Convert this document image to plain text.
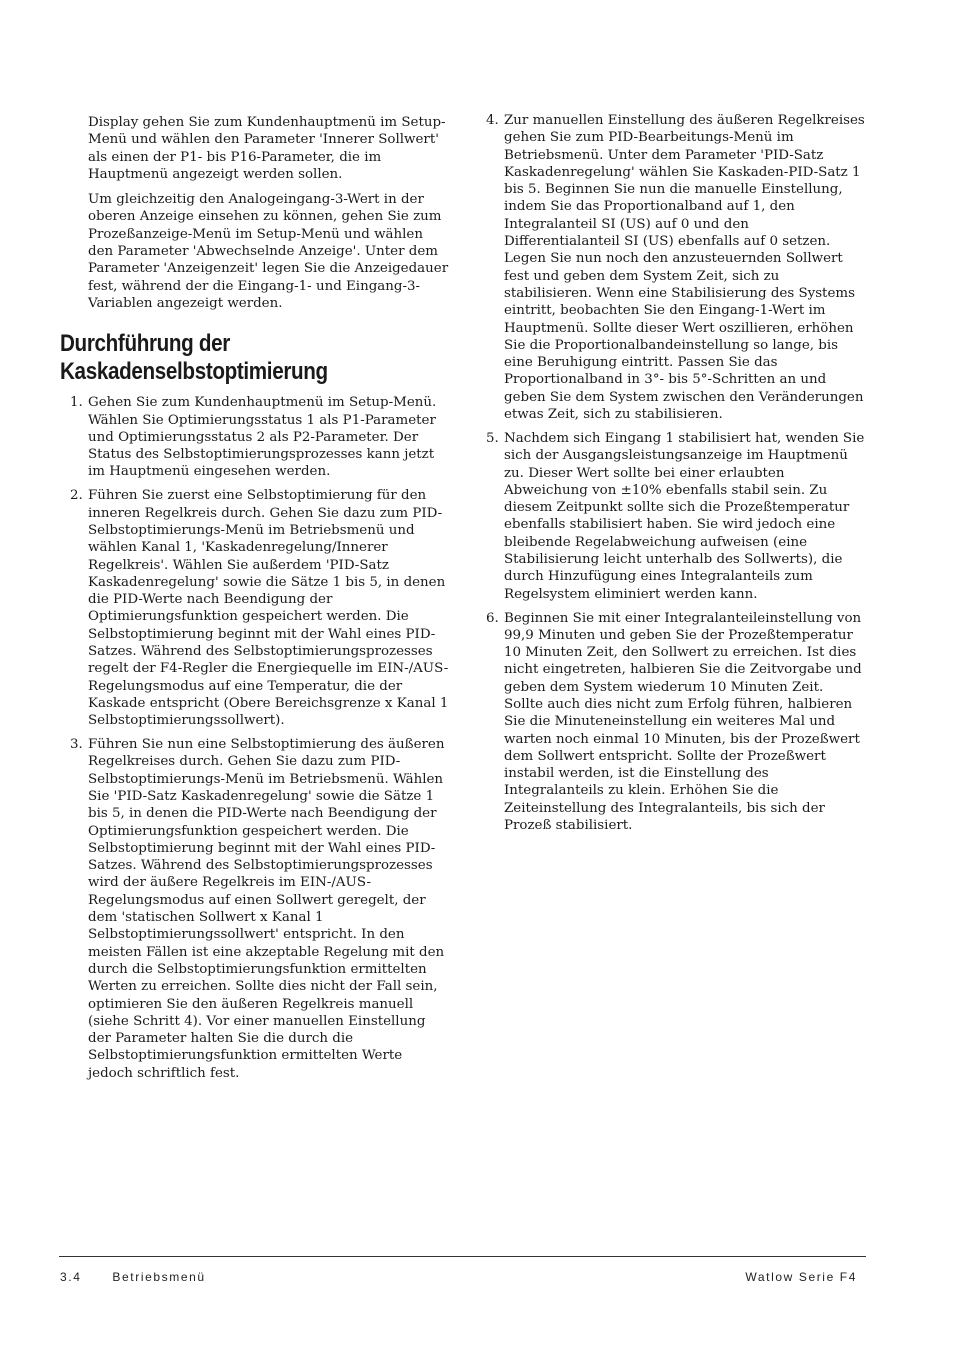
Display gehen Sie zum Kundenhauptmenü im Setup-Menü und wählen den Parameter 'Innerer Sollwert' als einen der P1- bis P16-Parameter, die im Hauptmenü angezeigt werden sollen.

Um gleichzeitig den Analogeingang-3-Wert in der oberen Anzeige einsehen zu können, gehen Sie zum Prozeßanzeige-Menü im Setup-Menü und wählen den Parameter 'Abwechselnde Anzeige'. Unter dem Parameter 'Anzeigenzeit' legen Sie die Anzeigedauer fest, während der die Eingang-1- und Eingang-3-Variablen angezeigt werden.

Durchführung der
Kaskadenselbstoptimierung
1. Gehen Sie zum Kundenhauptmenü im Setup-Menü. Wählen Sie Optimierungsstatus 1 als P1-Parameter und Optimierungsstatus 2 als P2-Parameter. Der Status des Selbstoptimierungsprozesses kann jetzt im Hauptmenü eingesehen werden.
2. Führen Sie zuerst eine Selbstoptimierung für den inneren Regelkreis durch. Gehen Sie dazu zum PID-Selbstoptimierungs-Menü im Betriebsmenü und wählen Kanal 1, 'Kaskadenregelung/Innerer Regelkreis'. Wählen Sie außerdem 'PID-Satz Kaskadenregelung' sowie die Sätze 1 bis 5, in denen die PID-Werte nach Beendigung der Optimierungsfunktion gespeichert werden. Die Selbstoptimierung beginnt mit der Wahl eines PID-Satzes. Während des Selbstoptimierungsprozesses regelt der F4-Regler die Energiequelle im EIN-/AUS-Regelungsmodus auf eine Temperatur, die der Kaskade entspricht (Obere Bereichsgrenze x Kanal 1 Selbstoptimierungssollwert).
3. Führen Sie nun eine Selbstoptimierung des äußeren Regelkreises durch. Gehen Sie dazu zum PID-Selbstoptimierungs-Menü im Betriebsmenü. Wählen Sie 'PID-Satz Kaskadenregelung' sowie die Sätze 1 bis 5, in denen die PID-Werte nach Beendigung der Optimierungsfunktion gespeichert werden. Die Selbstoptimierung beginnt mit der Wahl eines PID-Satzes. Während des Selbstoptimierungsprozesses wird der äußere Regelkreis im EIN-/AUS-Regelungsmodus auf einen Sollwert geregelt, der dem 'statischen Sollwert x Kanal 1 Selbstoptimierungssollwert' entspricht. In den meisten Fällen ist eine akzeptable Regelung mit den durch die Selbstoptimierungsfunktion ermittelten Werten zu erreichen. Sollte dies nicht der Fall sein, optimieren Sie den äußeren Regelkreis manuell (siehe Schritt 4). Vor einer manuellen Einstellung der Parameter halten Sie die durch die Selbstoptimierungsfunktion ermittelten Werte jedoch schriftlich fest.
4. Zur manuellen Einstellung des äußeren Regelkreises gehen Sie zum PID-Bearbeitungs-Menü im Betriebsmenü. Unter dem Parameter 'PID-Satz Kaskadenregelung' wählen Sie Kaskaden-PID-Satz 1 bis 5. Beginnen Sie nun die manuelle Einstellung, indem Sie das Proportionalband auf 1, den Integralanteil SI (US) auf 0 und den Differentialanteil SI (US) ebenfalls auf 0 setzen. Legen Sie nun noch den anzusteuernden Sollwert fest und geben dem System Zeit, sich zu stabilisieren. Wenn eine Stabilisierung des Systems eintritt, beobachten Sie den Eingang-1-Wert im Hauptmenü. Sollte dieser Wert oszillieren, erhöhen Sie die Proportionalbandeinstellung so lange, bis eine Beruhigung eintritt. Passen Sie das Proportionalband in 3°- bis 5°-Schritten an und geben Sie dem System zwischen den Veränderungen etwas Zeit, sich zu stabilisieren.
5. Nachdem sich Eingang 1 stabilisiert hat, wenden Sie sich der Ausgangsleistungsanzeige im Hauptmenü zu. Dieser Wert sollte bei einer erlaubten Abweichung von ±10% ebenfalls stabil sein. Zu diesem Zeitpunkt sollte sich die Prozeßtemperatur ebenfalls stabilisiert haben. Sie wird jedoch eine bleibende Regelabweichung aufweisen (eine Stabilisierung leicht unterhalb des Sollwerts), die durch Hinzufügung eines Integralanteils zum Regelsystem eliminiert werden kann.
6. Beginnen Sie mit einer Integralanteileinstellung von 99,9 Minuten und geben Sie der Prozeßtemperatur 10 Minuten Zeit, den Sollwert zu erreichen. Ist dies nicht eingetreten, halbieren Sie die Zeitvorgabe und geben dem System wiederum 10 Minuten Zeit. Sollte auch dies nicht zum Erfolg führen, halbieren Sie die Minuteneinstellung ein weiteres Mal und warten noch einmal 10 Minuten, bis der Prozeßwert dem Sollwert entspricht. Sollte der Prozeßwert instabil werden, ist die Einstellung des Integralanteils zu klein. Erhöhen Sie die Zeiteinstellung des Integralanteils, bis sich der Prozeß stabilisiert.
3.4	Betriebsmenü	Watlow Serie F4
